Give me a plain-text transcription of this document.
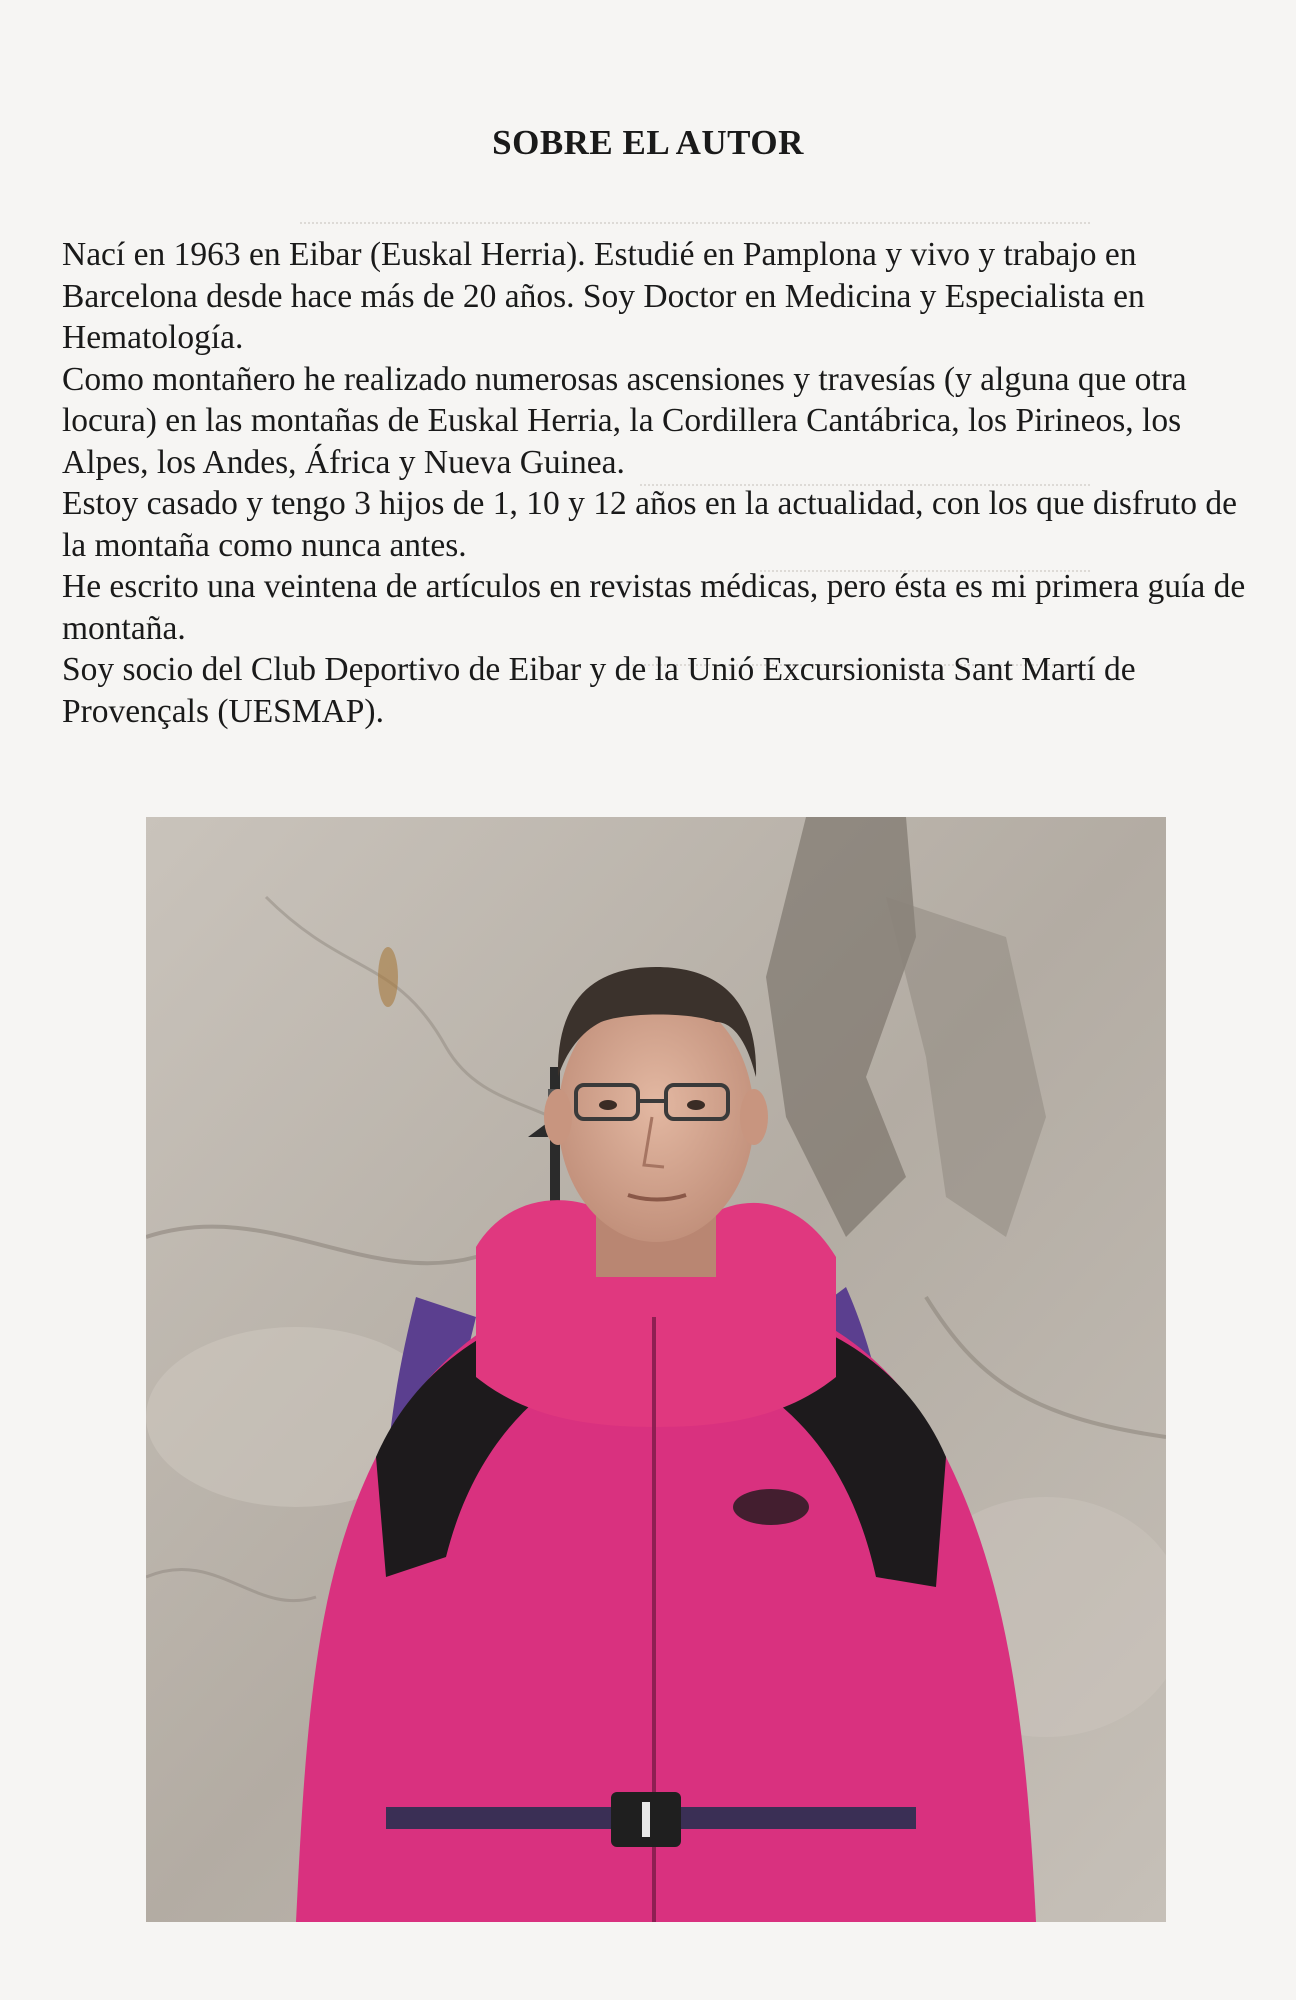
SOBRE EL AUTOR

Nací en 1963 en Eibar (Euskal Herria). Estudié en Pamplona y vivo y trabajo en Barcelona desde hace más de 20 años. Soy Doctor en Medicina y Especialista en Hematología.

Como montañero he realizado numerosas ascensiones y travesías (y alguna que otra locura) en las montañas de Euskal Herria, la Cordillera Cantábrica, los Pirineos, los Alpes, los Andes, África y Nueva Guinea.

Estoy casado y tengo 3 hijos de 1, 10 y 12 años en la actualidad, con los que disfruto de la montaña como nunca antes.

He escrito una veintena de artículos en revistas médicas, pero ésta es mi primera guía de montaña.

Soy socio del Club Deportivo de Eibar y de la Unió Excursionista Sant Martí de Provençals (UESMAP).
